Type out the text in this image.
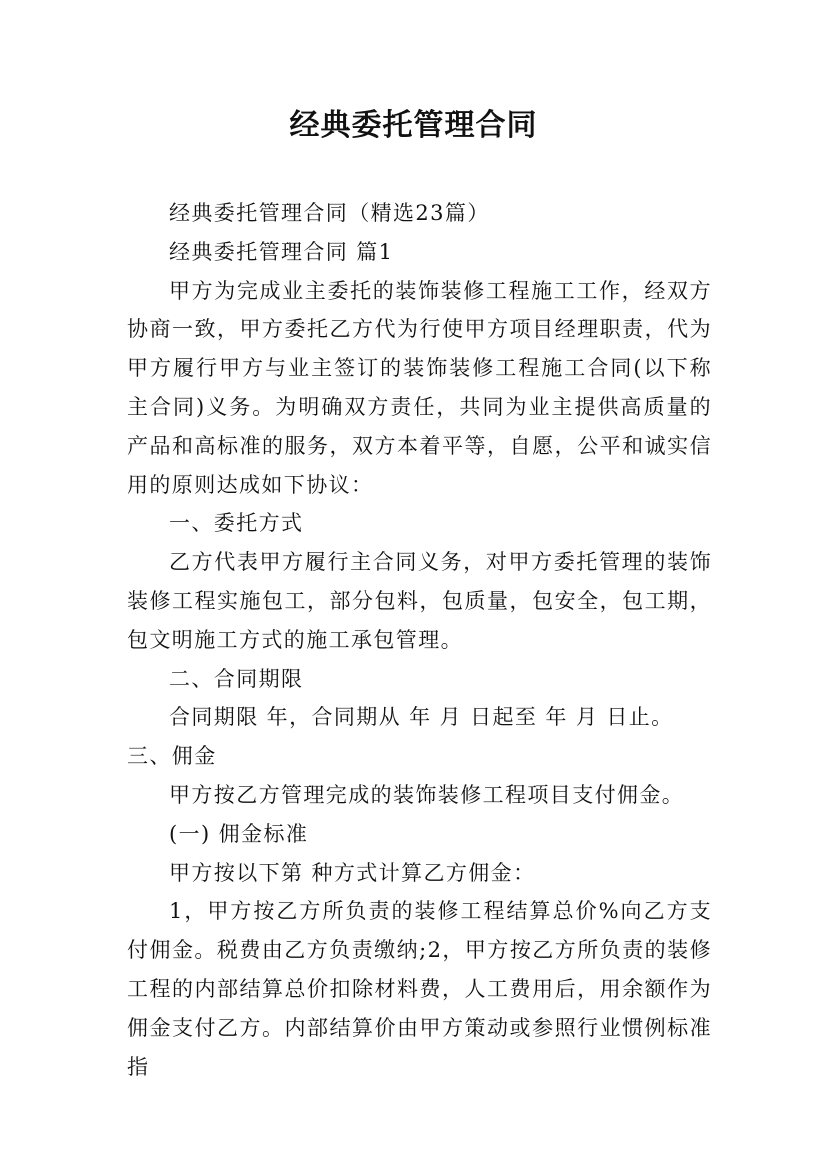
经典委托管理合同

经典委托管理合同（精选23篇）

经典委托管理合同 篇1

甲方为完成业主委托的装饰装修工程施工工作，经双方协商一致，甲方委托乙方代为行使甲方项目经理职责，代为甲方履行甲方与业主签订的装饰装修工程施工合同(以下称主合同)义务。为明确双方责任，共同为业主提供高质量的产品和高标准的服务，双方本着平等，自愿，公平和诚实信用的原则达成如下协议：

一、委托方式

乙方代表甲方履行主合同义务，对甲方委托管理的装饰装修工程实施包工，部分包料，包质量，包安全，包工期，包文明施工方式的施工承包管理。

二、合同期限

合同期限 年，合同期从 年 月 日起至 年 月 日止。

三、佣金

甲方按乙方管理完成的装饰装修工程项目支付佣金。

(一) 佣金标准

甲方按以下第 种方式计算乙方佣金：

1，甲方按乙方所负责的装修工程结算总价%向乙方支付佣金。税费由乙方负责缴纳;2，甲方按乙方所负责的装修工程的内部结算总价扣除材料费，人工费用后，用余额作为佣金支付乙方。内部结算价由甲方策动或参照行业惯例标准指
